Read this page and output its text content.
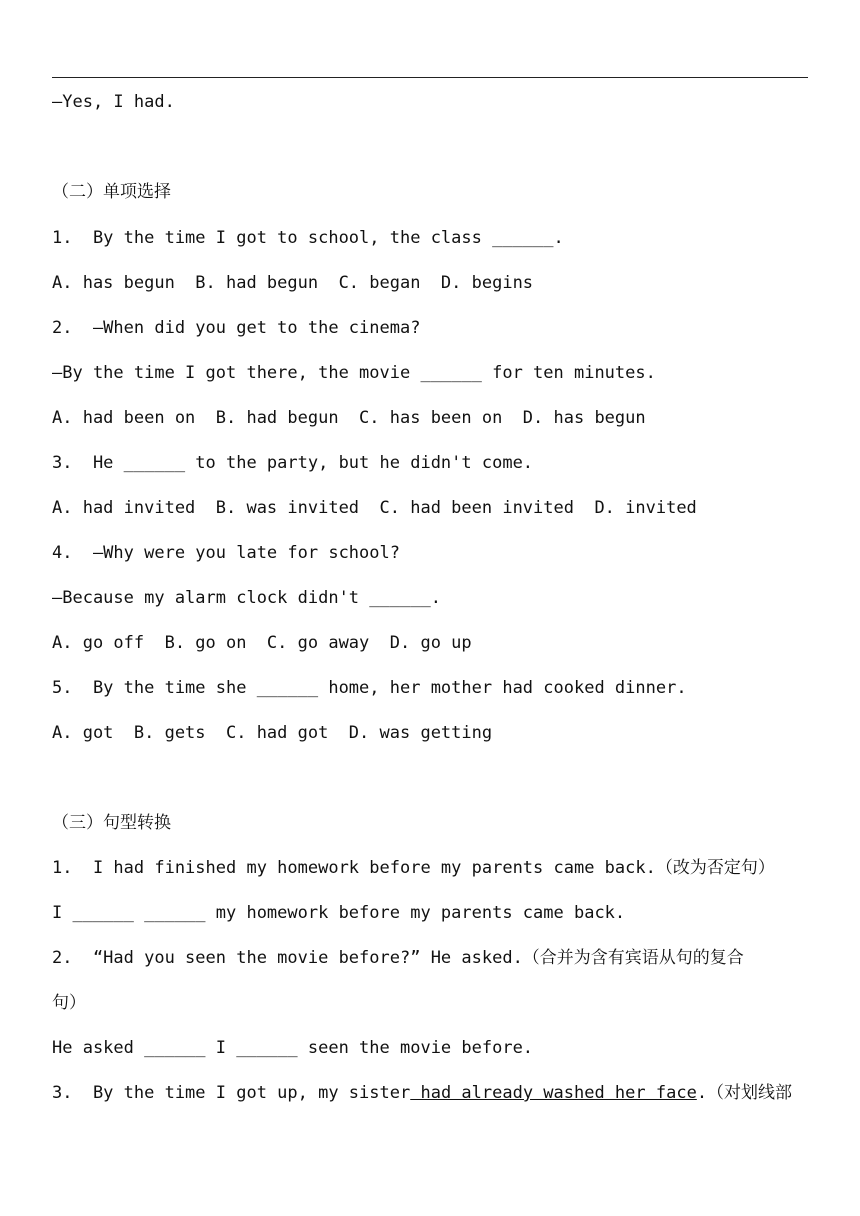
—Yes, I had.
（二）单项选择
1.  By the time I got to school, the class ______.
A. has begun  B. had begun  C. began  D. begins
2.  —When did you get to the cinema?
—By the time I got there, the movie ______ for ten minutes.
A. had been on  B. had begun  C. has been on  D. has begun
3.  He ______ to the party, but he didn't come.
A. had invited  B. was invited  C. had been invited  D. invited
4.  —Why were you late for school?
—Because my alarm clock didn't ______.
A. go off  B. go on  C. go away  D. go up
5.  By the time she ______ home, her mother had cooked dinner.
A. got  B. gets  C. had got  D. was getting
（三）句型转换
1.  I had finished my homework before my parents came back.（改为否定句）
I ______ ______ my homework before my parents came back.
2.  “Had you seen the movie before?” He asked.（合并为含有宾语从句的复合
句）
He asked ______ I ______ seen the movie before.
3.  By the time I got up, my sister had already washed her face.（对划线部
